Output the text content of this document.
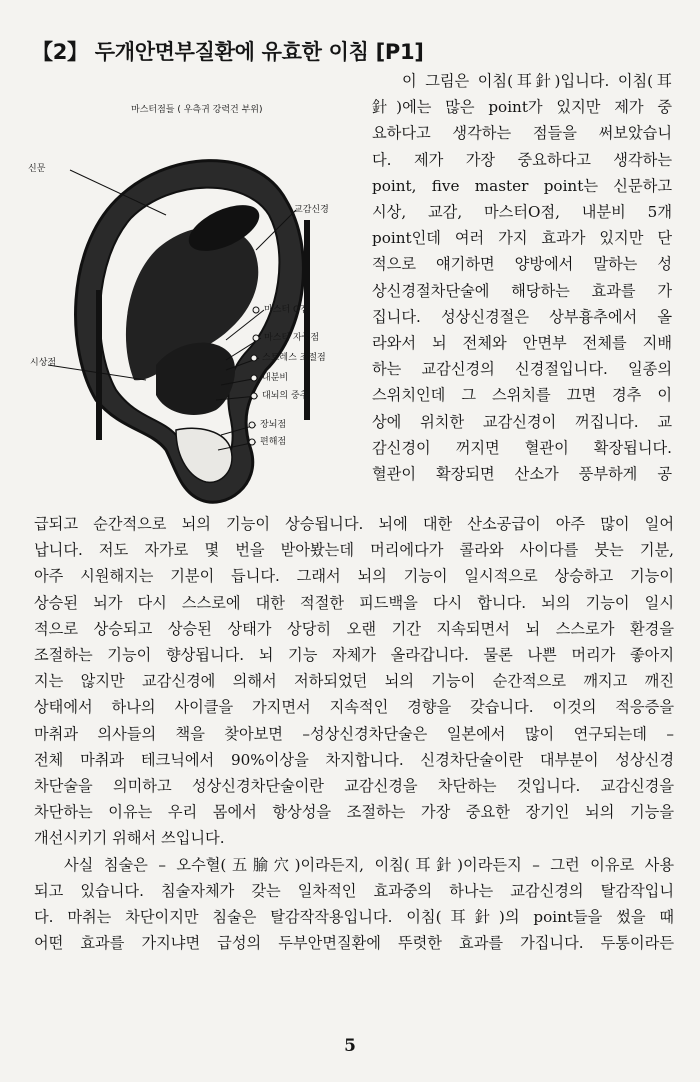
【2】 두개안면부질환에 유효한 이침 [P1]
마스터점들 ( 우측귀 강력건 부위)
신문
교감신경
마스터 O점
마스터 자궁점
스트레스 조절점
내분비
대뇌의 중추
시상점
장뇌점
편해점
이 그림은 이침(耳針)입니다. 이침(耳
針)에는 많은 point가 있지만 제가 중
요하다고 생각하는 점들을 써보았습니
다. 제가 가장 중요하다고 생각하는
point, five master point는 신문하고
시상, 교감, 마스터O점, 내분비 5개
point인데 여러 가지 효과가 있지만 단
적으로 얘기하면 양방에서 말하는 성
상신경절차단술에 해당하는 효과를 가
집니다. 성상신경절은 상부흉추에서 올
라와서 뇌 전체와 안면부 전체를 지배
하는 교감신경의 신경절입니다. 일종의
스위치인데 그 스위치를 끄면 경추 이
상에 위치한 교감신경이 꺼집니다. 교
감신경이 꺼지면 혈관이 확장됩니다.
혈관이 확장되면 산소가 풍부하게 공
급되고 순간적으로 뇌의 기능이 상승됩니다. 뇌에 대한 산소공급이 아주 많이 일어
납니다. 저도 자가로 몇 번을 받아봤는데 머리에다가 콜라와 사이다를 붓는 기분,
아주 시원해지는 기분이 듭니다. 그래서 뇌의 기능이 일시적으로 상승하고 기능이
상승된 뇌가 다시 스스로에 대한 적절한 피드백을 다시 합니다. 뇌의 기능이 일시
적으로 상승되고 상승된 상태가 상당히 오랜 기간 지속되면서 뇌 스스로가 환경을
조절하는 기능이 향상됩니다. 뇌 기능 자체가 올라갑니다. 물론 나쁜 머리가 좋아지
지는 않지만 교감신경에 의해서 저하되었던 뇌의 기능이 순간적으로 깨지고 깨진
상태에서 하나의 사이클을 가지면서 지속적인 경향을 갖습니다. 이것의 적응증을
마취과 의사들의 책을 찾아보면 –성상신경차단술은 일본에서 많이 연구되는데 –
전체 마취과 테크닉에서 90%이상을 차지합니다. 신경차단술이란 대부분이 성상신경
차단술을 의미하고 성상신경차단술이란 교감신경을 차단하는 것입니다. 교감신경을
차단하는 이유는 우리 몸에서 항상성을 조절하는 가장 중요한 장기인 뇌의 기능을
개선시키기 위해서 쓰입니다.
사실 침술은 – 오수혈(五腧穴)이라든지, 이침(耳針)이라든지 – 그런 이유로 사용
되고 있습니다. 침술자체가 갖는 일차적인 효과중의 하나는 교감신경의 탈감작입니
다. 마취는 차단이지만 침술은 탈감작작용입니다. 이침(耳針)의 point들을 썼을 때
어떤 효과를 가지냐면 급성의 두부안면질환에 뚜렷한 효과를 가집니다. 두통이라든
5
